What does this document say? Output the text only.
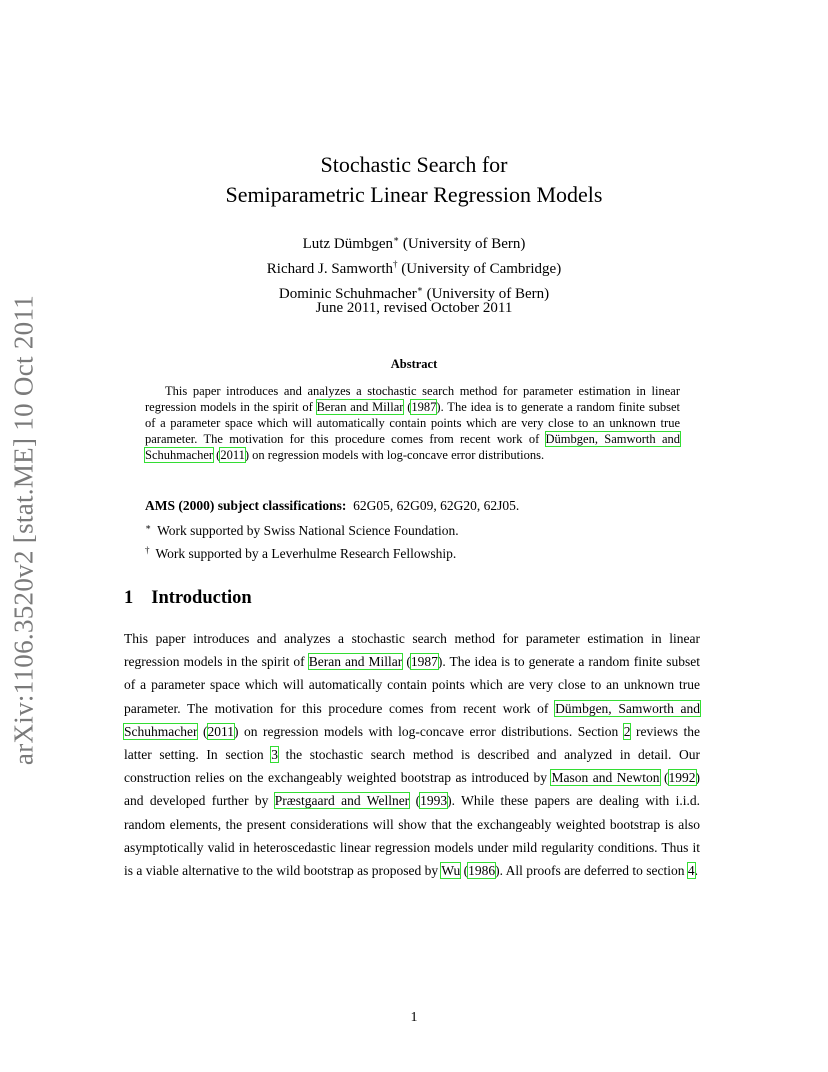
arXiv:1106.3520v2 [stat.ME] 10 Oct 2011
Stochastic Search for
Semiparametric Linear Regression Models
Lutz Dümbgen∗ (University of Bern)
Richard J. Samworth† (University of Cambridge)
Dominic Schuhmacher∗ (University of Bern)
June 2011, revised October 2011
Abstract

This paper introduces and analyzes a stochastic search method for parameter estimation in linear regression models in the spirit of Beran and Millar (1987). The idea is to generate a random finite subset of a parameter space which will automatically contain points which are very close to an unknown true parameter. The motivation for this procedure comes from recent work of Dümbgen, Samworth and Schuhmacher (2011) on regression models with log-concave error distributions.

AMS (2000) subject classifications: 62G05, 62G09, 62G20, 62J05.
∗ Work supported by Swiss National Science Foundation.
† Work supported by a Leverhulme Research Fellowship.
1 Introduction

This paper introduces and analyzes a stochastic search method for parameter estimation in linear regression models in the spirit of Beran and Millar (1987). The idea is to generate a random finite subset of a parameter space which will automatically contain points which are very close to an unknown true parameter. The motivation for this procedure comes from recent work of Dümbgen, Samworth and Schuhmacher (2011) on regression models with log-concave error distributions. Section 2 reviews the latter setting. In section 3 the stochastic search method is described and analyzed in detail. Our construction relies on the exchangeably weighted bootstrap as introduced by Mason and Newton (1992) and developed further by Præstgaard and Wellner (1993). While these papers are dealing with i.i.d. random elements, the present considerations will show that the exchangeably weighted bootstrap is also asymptotically valid in heteroscedastic linear regression models under mild regularity conditions. Thus it is a viable alternative to the wild bootstrap as proposed by Wu (1986). All proofs are deferred to section 4.

1
